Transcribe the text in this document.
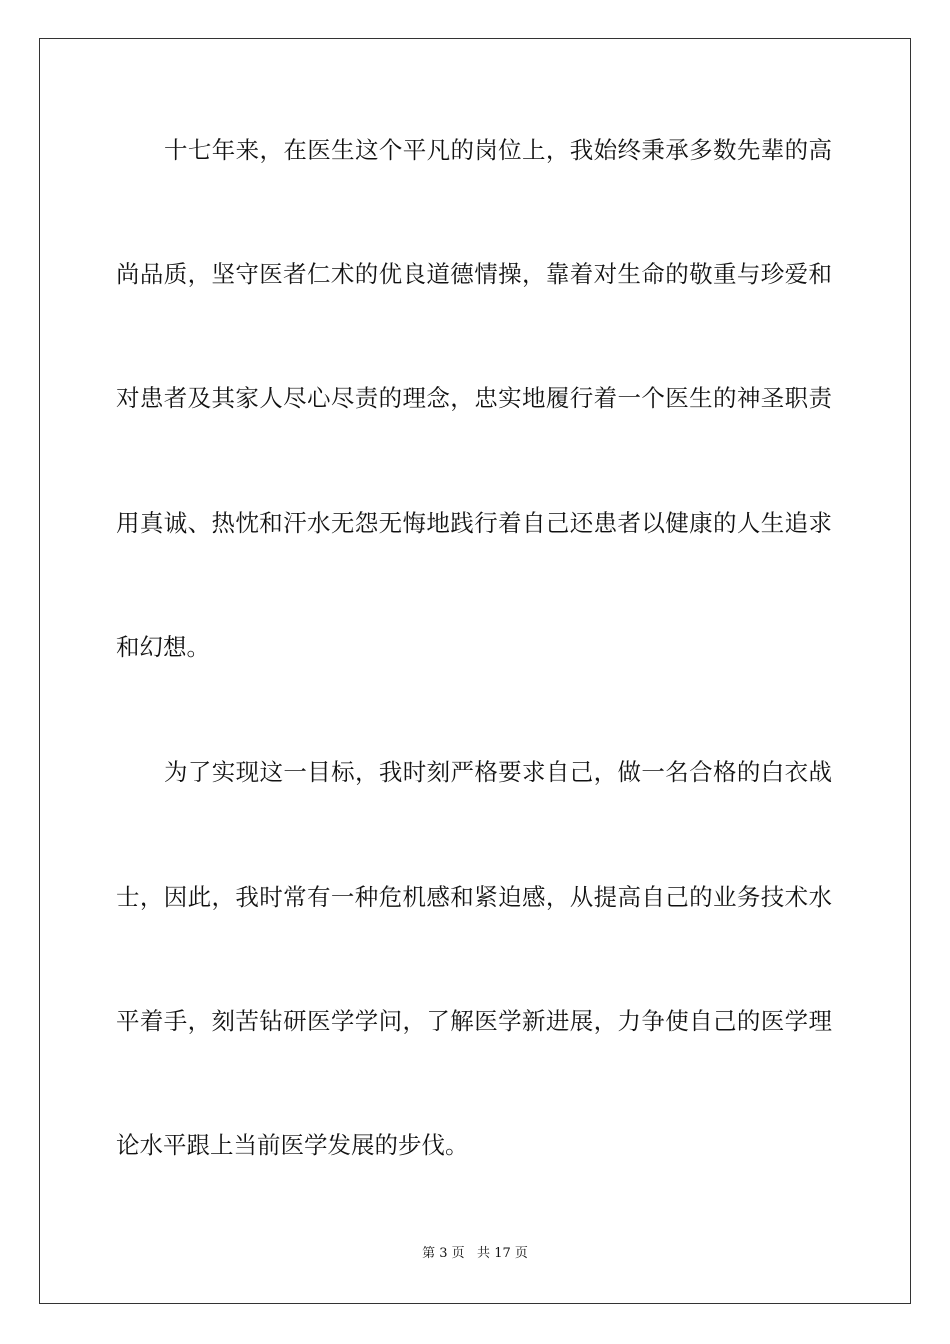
十七年来，在医生这个平凡的岗位上，我始终秉承多数先辈的高
尚品质，坚守医者仁术的优良道德情操，靠着对生命的敬重与珍爱和
对患者及其家人尽心尽责的理念，忠实地履行着一个医生的神圣职责
用真诚、热忱和汗水无怨无悔地践行着自己还患者以健康的人生追求
和幻想。
为了实现这一目标，我时刻严格要求自己，做一名合格的白衣战
士，因此，我时常有一种危机感和紧迫感，从提高自己的业务技术水
平着手，刻苦钻研医学学问，了解医学新进展，力争使自己的医学理
论水平跟上当前医学发展的步伐。
第 3 页   共 17 页
